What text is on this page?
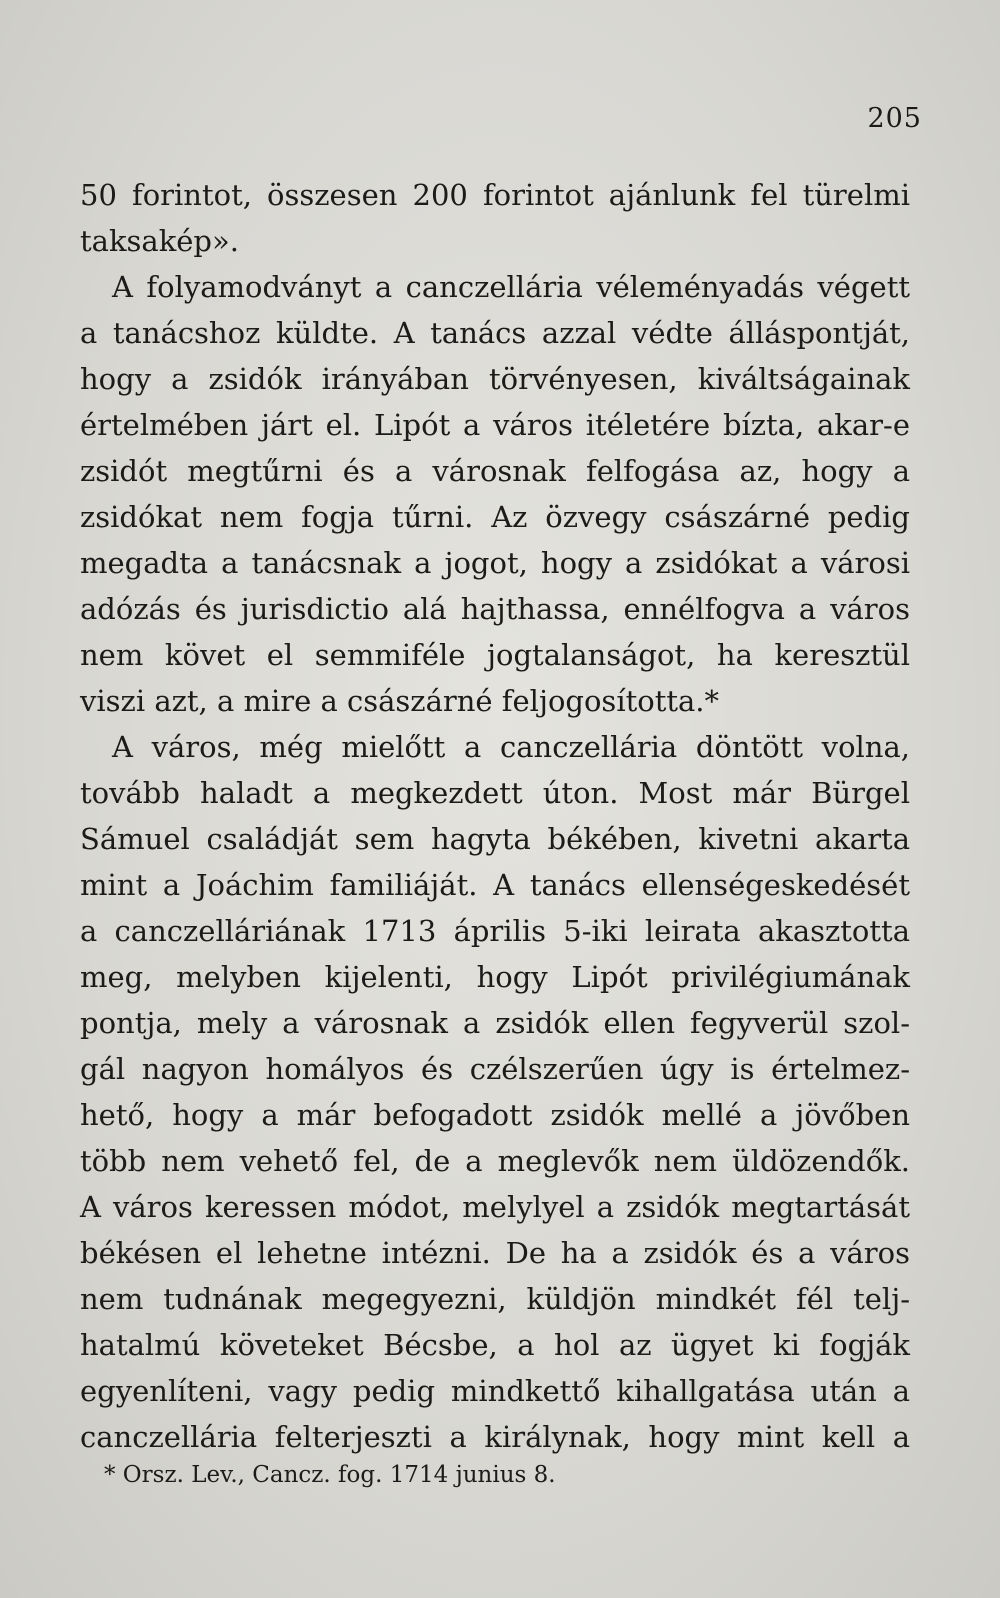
205
50 forintot, összesen 200 forintot ajánlunk fel türelmi
taksakép».
A folyamodványt a canczellária véleményadás végett
a tanácshoz küldte. A tanács azzal védte álláspontját,
hogy a zsidók irányában törvényesen, kiváltságainak
értelmében járt el. Lipót a város itéletére bízta, akar-e
zsidót megtűrni és a városnak felfogása az, hogy a
zsidókat nem fogja tűrni. Az özvegy császárné pedig
megadta a tanácsnak a jogot, hogy a zsidókat a városi
adózás és jurisdictio alá hajthassa, ennélfogva a város
nem követ el semmiféle jogtalanságot, ha keresztül
viszi azt, a mire a császárné feljogosította.*
A város, még mielőtt a canczellária döntött volna,
tovább haladt a megkezdett úton. Most már Bürgel
Sámuel családját sem hagyta békében, kivetni akarta
mint a Joáchim familiáját. A tanács ellenségeskedését
a canczelláriának 1713 április 5-iki leirata akasztotta
meg, melyben kijelenti, hogy Lipót privilégiumának
pontja, mely a városnak a zsidók ellen fegyverül szol-
gál nagyon homályos és czélszerűen úgy is értelmez-
hető, hogy a már befogadott zsidók mellé a jövőben
több nem vehető fel, de a meglevők nem üldözendők.
A város keressen módot, melylyel a zsidók megtartását
békésen el lehetne intézni. De ha a zsidók és a város
nem tudnának megegyezni, küldjön mindkét fél telj-
hatalmú követeket Bécsbe, a hol az ügyet ki fogják
egyenlíteni, vagy pedig mindkettő kihallgatása után a
canczellária felterjeszti a királynak, hogy mint kell a
* Orsz. Lev., Cancz. fog. 1714 junius 8.
